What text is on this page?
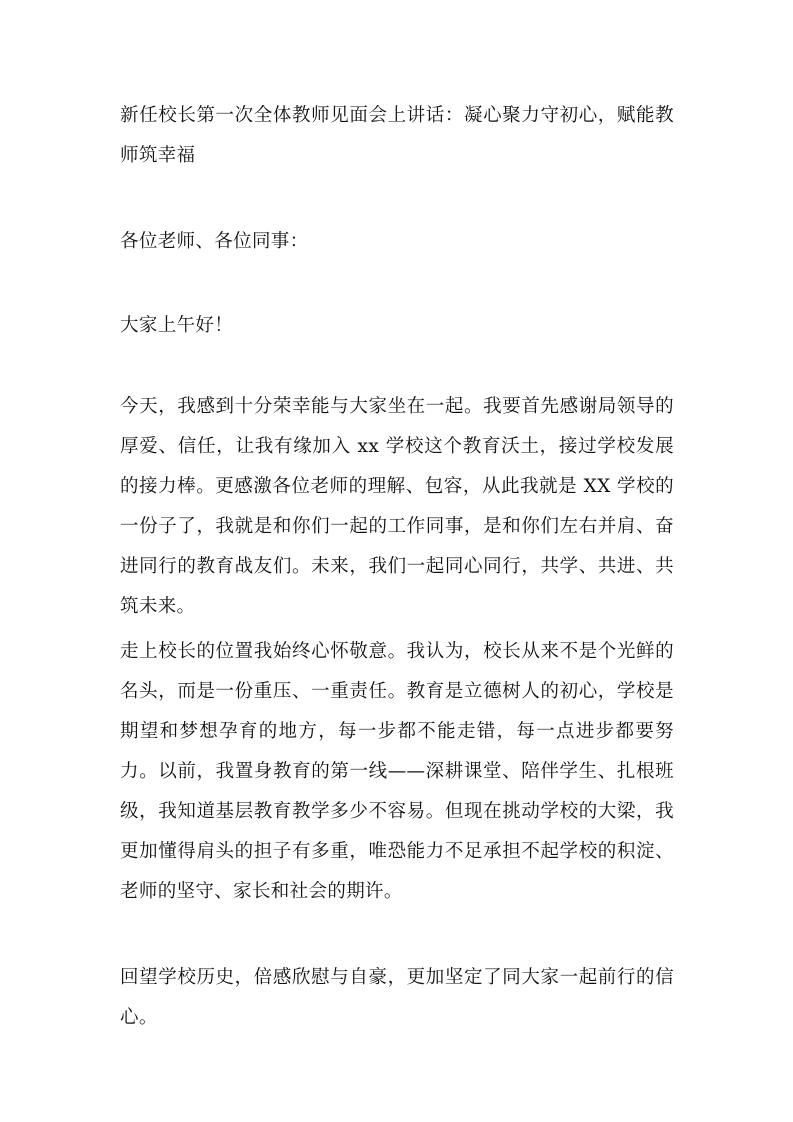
新任校长第一次全体教师见面会上讲话：凝心聚力守初心，赋能教师筑幸福
各位老师、各位同事：
大家上午好！
今天，我感到十分荣幸能与大家坐在一起。我要首先感谢局领导的厚爱、信任，让我有缘加入 xx 学校这个教育沃土，接过学校发展的接力棒。更感激各位老师的理解、包容，从此我就是 XX 学校的一份子了，我就是和你们一起的工作同事，是和你们左右并肩、奋进同行的教育战友们。未来，我们一起同心同行，共学、共进、共筑未来。
走上校长的位置我始终心怀敬意。我认为，校长从来不是个光鲜的名头，而是一份重压、一重责任。教育是立德树人的初心，学校是期望和梦想孕育的地方，每一步都不能走错，每一点进步都要努力。以前，我置身教育的第一线——深耕课堂、陪伴学生、扎根班级，我知道基层教育教学多少不容易。但现在挑动学校的大梁，我更加懂得肩头的担子有多重，唯恐能力不足承担不起学校的积淀、老师的坚守、家长和社会的期许。
回望学校历史，倍感欣慰与自豪，更加坚定了同大家一起前行的信心。
